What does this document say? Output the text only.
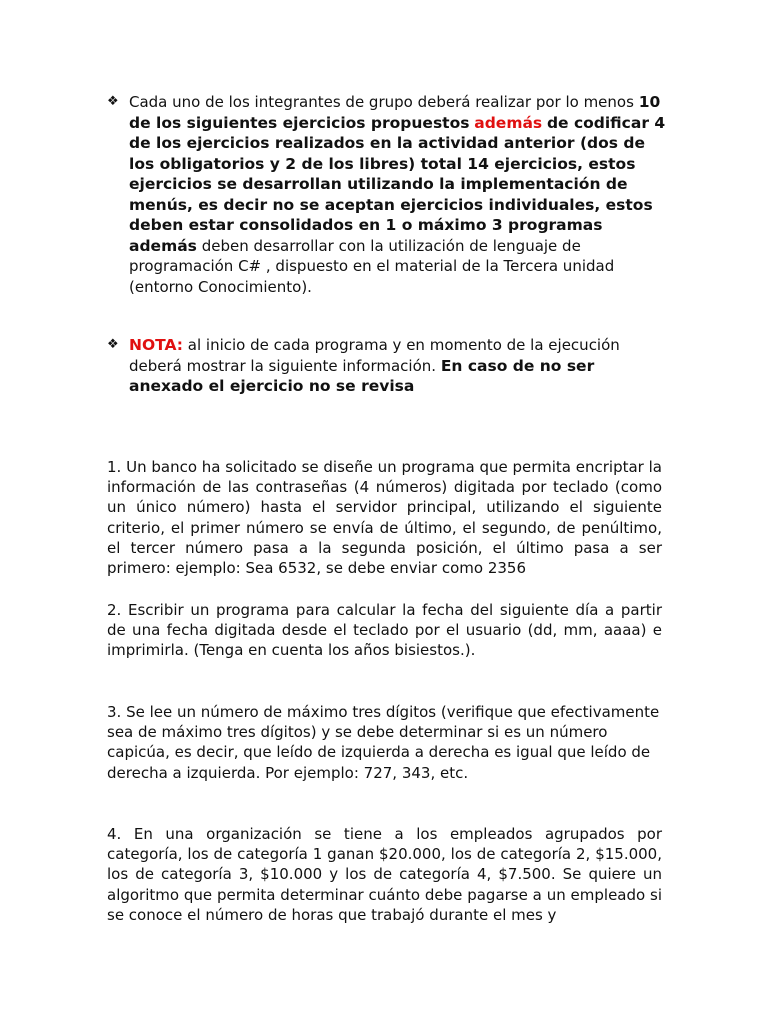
❖ Cada uno de los integrantes de grupo deberá realizar por lo menos 10 de los siguientes ejercicios propuestos además de codificar 4 de los ejercicios realizados en la actividad anterior (dos de los obligatorios y 2 de los libres) total 14 ejercicios, estos ejercicios se desarrollan utilizando la implementación de menús, es decir no se aceptan ejercicios individuales, estos deben estar consolidados en 1 o máximo 3 programas además deben desarrollar con la utilización de lenguaje de programación C# , dispuesto en el material de la Tercera unidad (entorno Conocimiento).
❖ NOTA: al inicio de cada programa y en momento de la ejecución deberá mostrar la siguiente información. En caso de no ser anexado el ejercicio no se revisa

1. Un banco ha solicitado se diseñe un programa que permita encriptar la información de las contraseñas (4 números) digitada por teclado (como un único número) hasta el servidor principal, utilizando el siguiente criterio, el primer número se envía de último, el segundo, de penúltimo, el tercer número pasa a la segunda posición, el último pasa a ser primero: ejemplo: Sea 6532, se debe enviar como 2356

2. Escribir un programa para calcular la fecha del siguiente día a partir de una fecha digitada desde el teclado por el usuario (dd, mm, aaaa) e imprimirla. (Tenga en cuenta los años bisiestos.).

3. Se lee un número de máximo tres dígitos (verifique que efectivamente sea de máximo tres dígitos) y se debe determinar si es un número capicúa, es decir, que leído de izquierda a derecha es igual que leído de derecha a izquierda. Por ejemplo: 727, 343, etc.

4. En una organización se tiene a los empleados agrupados por categoría, los de categoría 1 ganan $20.000, los de categoría 2, $15.000, los de categoría 3, $10.000 y los de categoría 4, $7.500. Se quiere un algoritmo que permita determinar cuánto debe pagarse a un empleado si se conoce el número de horas que trabajó durante el mes y
